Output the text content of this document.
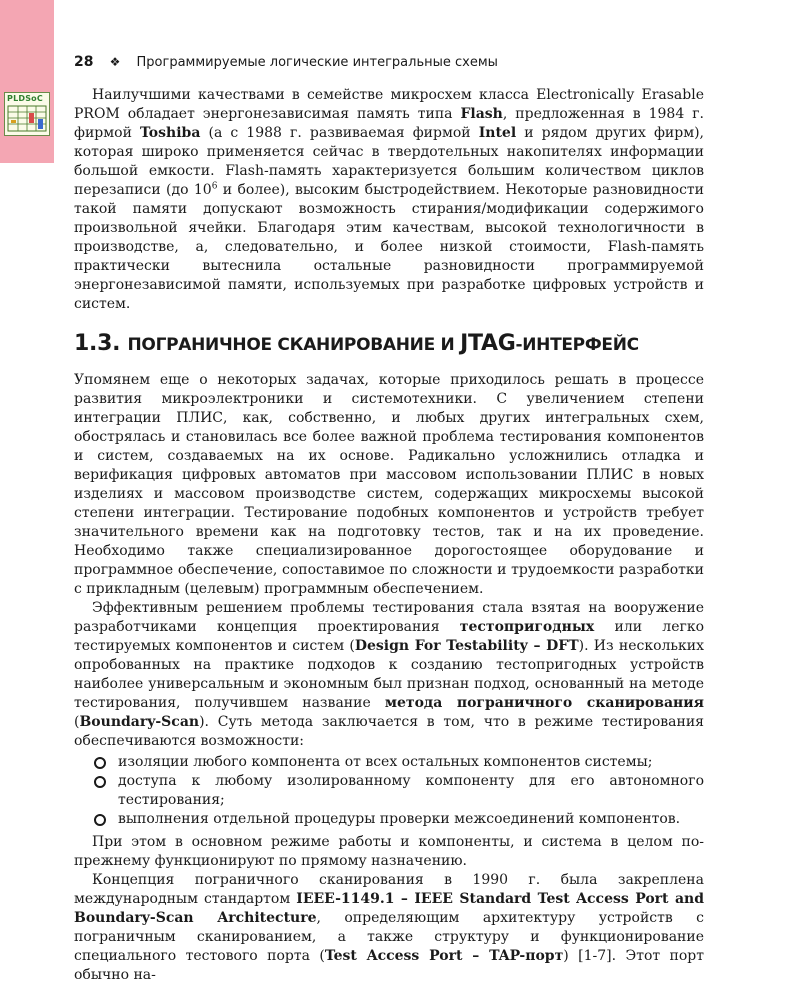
PLDSoC
28 ❖ Программируемые логические интегральные схемы

Наилучшими качествами в семействе микросхем класса Electronically Erasable PROM обладает энергонезависимая память типа Flash, предложенная в 1984 г. фирмой Toshiba (а с 1988 г. развиваемая фирмой Intel и рядом других фирм), которая широко применяется сейчас в твердотельных накопителях информации большой емкости. Flash-память характеризуется большим количеством циклов перезаписи (до $10^6$ и более), высоким быстродействием. Некоторые разновидности такой памяти допускают возможность стирания/модификации содержимого произвольной ячейки. Благодаря этим качествам, высокой технологичности в производстве, а, следовательно, и более низкой стоимости, Flash-память практически вытеснила остальные разновидности программируемой энергонезависимой памяти, используемых при разработке цифровых устройств и систем.

1.3. ПОГРАНИЧНОЕ СКАНИРОВАНИЕ И JTAG-ИНТЕРФЕЙС

Упомянем еще о некоторых задачах, которые приходилось решать в процессе развития микроэлектроники и системотехники. С увеличением степени интеграции ПЛИС, как, собственно, и любых других интегральных схем, обострялась и становилась все более важной проблема тестирования компонентов и систем, создаваемых на их основе. Радикально усложнились отладка и верификация цифровых автоматов при массовом использовании ПЛИС в новых изделиях и массовом производстве систем, содержащих микросхемы высокой степени интеграции. Тестирование подобных компонентов и устройств требует значительного времени как на подготовку тестов, так и на их проведение. Необходимо также специализированное дорогостоящее оборудование и программное обеспечение, сопоставимое по сложности и трудоемкости разработки с прикладным (целевым) программным обеспечением.

Эффективным решением проблемы тестирования стала взятая на вооружение разработчиками концепция проектирования тестопригодных или легко тестируемых компонентов и систем (Design For Testability – DFT). Из нескольких опробованных на практике подходов к созданию тестопригодных устройств наиболее универсальным и экономным был признан подход, основанный на методе тестирования, получившем название метода пограничного сканирования (Boundary-Scan). Суть метода заключается в том, что в режиме тестирования обеспечиваются возможности:

изоляции любого компонента от всех остальных компонентов системы;
доступа к любому изолированному компоненту для его автономного тестирования;
выполнения отдельной процедуры проверки межсоединений компонентов.

При этом в основном режиме работы и компоненты, и система в целом по-прежнему функционируют по прямому назначению.

Концепция пограничного сканирования в 1990 г. была закреплена международным стандартом IEEE-1149.1 – IEEE Standard Test Access Port and Boundary-Scan Architecture, определяющим архитектуру устройств с пограничным сканированием, а также структуру и функционирование специального тестового порта (Test Access Port – TAP-порт) [1-7]. Этот порт обычно на-
